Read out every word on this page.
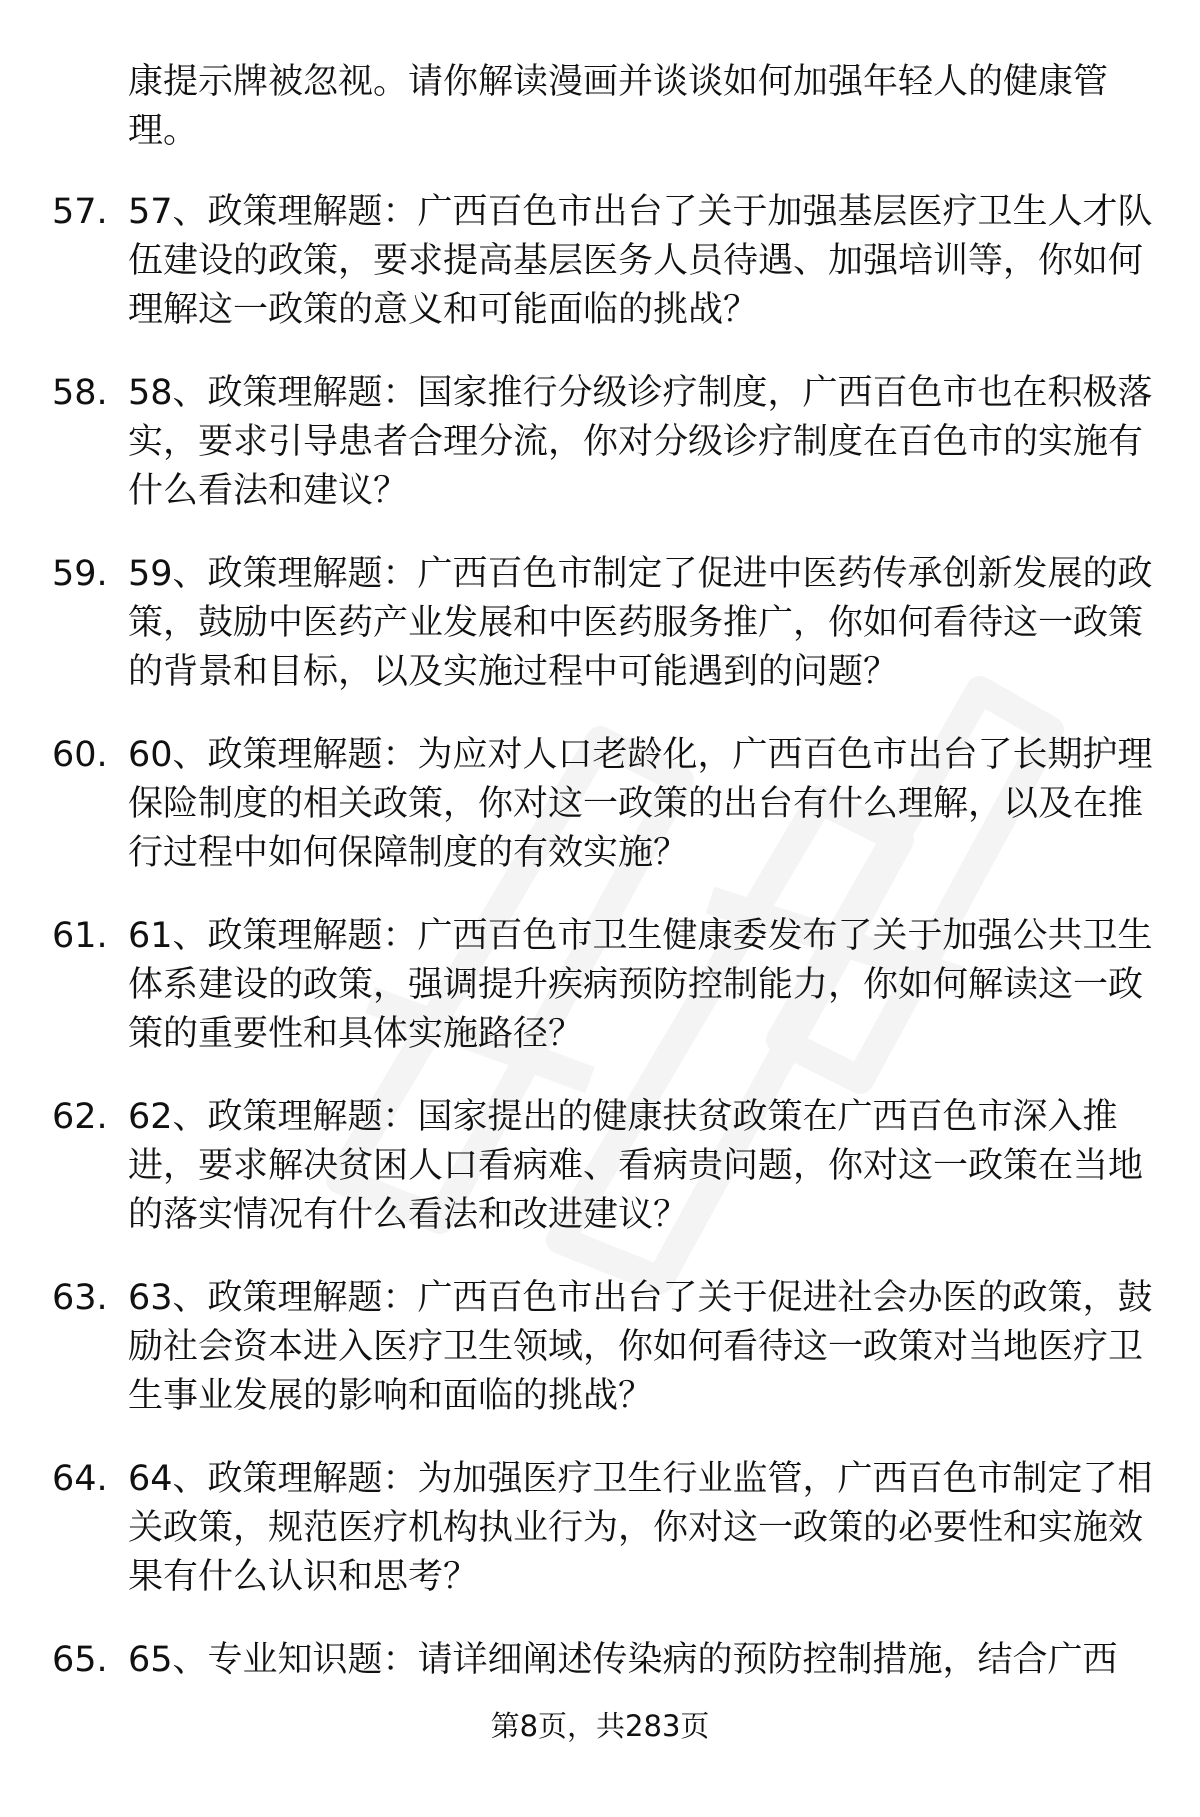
康提示牌被忽视。请你解读漫画并谈谈如何加强年轻人的健康管理。

57. 57、政策理解题：广西百色市出台了关于加强基层医疗卫生人才队伍建设的政策，要求提高基层医务人员待遇、加强培训等，你如何理解这一政策的意义和可能面临的挑战？
58. 58、政策理解题：国家推行分级诊疗制度，广西百色市也在积极落实，要求引导患者合理分流，你对分级诊疗制度在百色市的实施有什么看法和建议？
59. 59、政策理解题：广西百色市制定了促进中医药传承创新发展的政策，鼓励中医药产业发展和中医药服务推广，你如何看待这一政策的背景和目标，以及实施过程中可能遇到的问题？
60. 60、政策理解题：为应对人口老龄化，广西百色市出台了长期护理保险制度的相关政策，你对这一政策的出台有什么理解，以及在推行过程中如何保障制度的有效实施？
61. 61、政策理解题：广西百色市卫生健康委发布了关于加强公共卫生体系建设的政策，强调提升疾病预防控制能力，你如何解读这一政策的重要性和具体实施路径？
62. 62、政策理解题：国家提出的健康扶贫政策在广西百色市深入推进，要求解决贫困人口看病难、看病贵问题，你对这一政策在当地的落实情况有什么看法和改进建议？
63. 63、政策理解题：广西百色市出台了关于促进社会办医的政策，鼓励社会资本进入医疗卫生领域，你如何看待这一政策对当地医疗卫生事业发展的影响和面临的挑战？
64. 64、政策理解题：为加强医疗卫生行业监管，广西百色市制定了相关政策，规范医疗机构执业行为，你对这一政策的必要性和实施效果有什么认识和思考？
65. 65、专业知识题：请详细阐述传染病的预防控制措施，结合广西
第8页，共283页
